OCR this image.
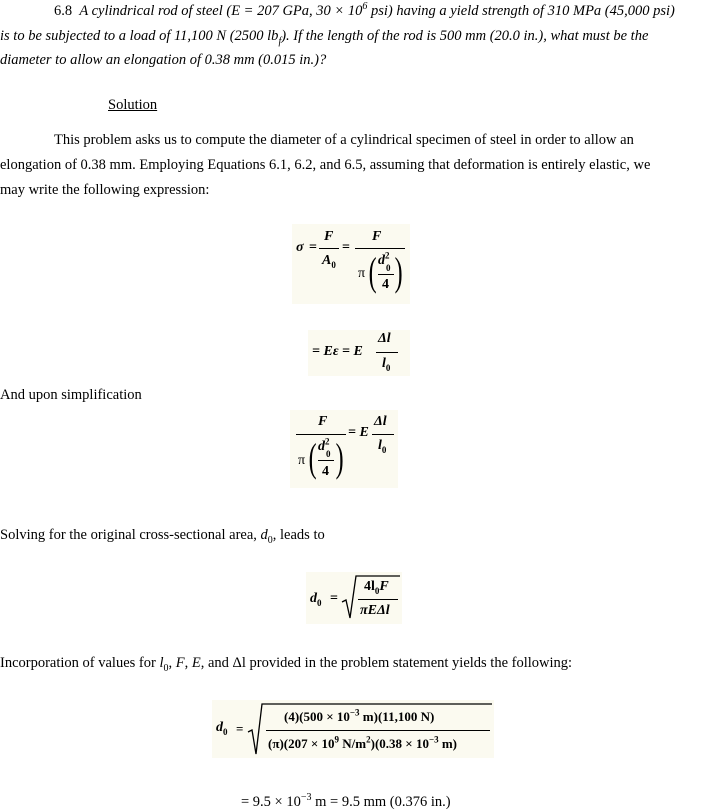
6.8 A cylindrical rod of steel (E = 207 GPa, $30 \times 10^6$ psi) having a yield strength of 310 MPa (45,000 psi)
is to be subjected to a load of 11,100 N (2500 $lb_f$). If the length of the rod is 500 mm (20.0 in.), what must be the
diameter to allow an elongation of 0.38 mm (0.015 in.)?
Solution
This problem asks us to compute the diameter of a cylindrical specimen of steel in order to allow an
elongation of 0.38 mm. Employing Equations 6.1, 6.2, and 6.5, assuming that deformation is entirely elastic, we
may write the following expression:
σ =
F
$A_0$
=
F
π ( $d^2$
0
4 )
= Eε = E
Δl
$l_0$
And upon simplification
F
π ( $d^2$
0
4 )
= E
Δl
$l_0$
Solving for the original cross-sectional area, $d_0$, leads to
$d_0$ =
$4l_0F$
πEΔl
Incorporation of values for $l_0$, F, E, and Δl provided in the problem statement yields the following:
$d_0$ =
$(4)(500 \times 10^{-3}$ m)(11,100 N)
$(\pi)(207 \times 10^9$ $N/m^2)(0.38 \times 10^{-3}$ m)
= $9.5 \times 10^{-3}$ m = 9.5 mm (0.376 in.)
